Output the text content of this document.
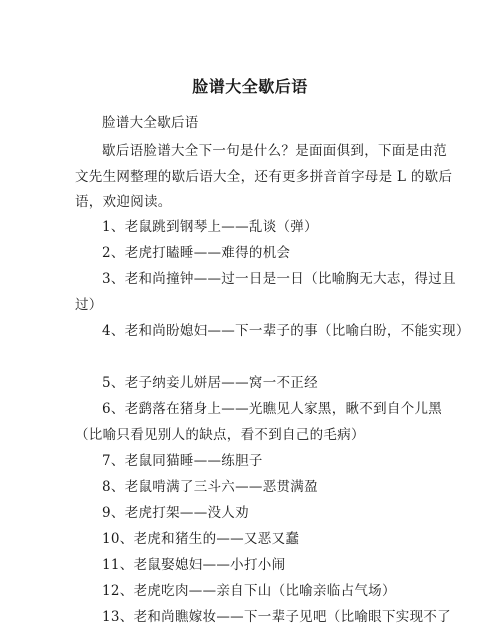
脸谱大全歇后语
脸谱大全歇后语
歇后语脸谱大全下一句是什么？是面面俱到，下面是由范
文先生网整理的歇后语大全，还有更多拼音首字母是 L 的歇后
语，欢迎阅读。
1、老鼠跳到钢琴上——乱谈（弹）
2、老虎打瞌睡——难得的机会
3、老和尚撞钟——过一日是一日（比喻胸无大志，得过且
过）
4、老和尚盼媳妇——下一辈子的事（比喻白盼，不能实现）
5、老子纳妾儿姘居——窝一不正经
6、老鹞落在猪身上——光瞧见人家黑，瞅不到自个儿黑
（比喻只看见别人的缺点，看不到自己的毛病）
7、老鼠同猫睡——练胆子
8、老鼠啃满了三斗六——恶贯满盈
9、老虎打架——没人劝
10、老虎和猪生的——又恶又蠢
11、老鼠娶媳妇——小打小闹
12、老虎吃肉——亲自下山（比喻亲临占气场）
13、老和尚瞧嫁妆——下一辈子见吧（比喻眼下实现不了
